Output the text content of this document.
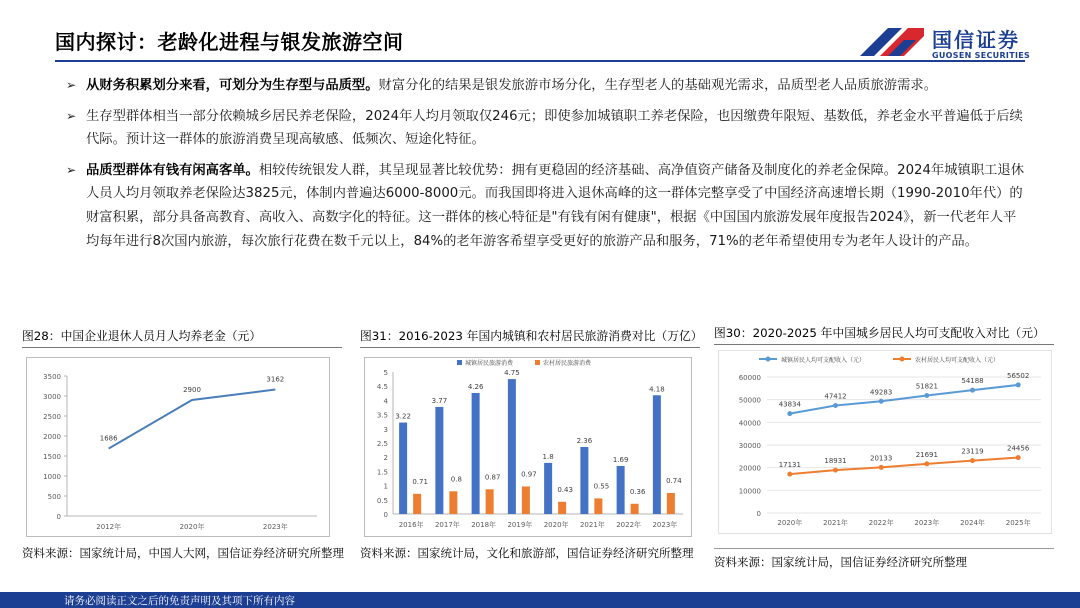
国内探讨：老龄化进程与银发旅游空间	国信证券
GUOSEN SECURITIES
➢ 从财务积累划分来看，可划分为生存型与品质型。财富分化的结果是银发旅游市场分化，生存型老人的基础观光需求，品质型老人品质旅游需求。
➢ 生存型群体相当一部分依赖城乡居民养老保险，2024年人均月领取仅246元；即使参加城镇职工养老保险，也因缴费年限短、基数低，养老金水平普遍低于后续代际。预计这一群体的旅游消费呈现高敏感、低频次、短途化特征。
➢ 品质型群体有钱有闲高客单。相较传统银发人群，其呈现显著比较优势：拥有更稳固的经济基础、高净值资产储备及制度化的养老金保障。2024年城镇职工退休人员人均月领取养老保险达3825元，体制内普遍达6000-8000元。而我国即将进入退休高峰的这一群体完整享受了中国经济高速增长期（1990-2010年代）的财富积累，部分具备高教育、高收入、高数字化的特征。这一群体的核心特征是"有钱有闲有健康"，根据《中国国内旅游发展年度报告2024》，新一代老年人平均每年进行8次国内旅游，每次旅行花费在数千元以上，84%的老年游客希望享受更好的旅游产品和服务，71%的老年希望使用专为老年人设计的产品。
图28：中国企业退休人员月人均养老金（元）
0
500
1000
1500
2000
2500
3000
3500
1686
2900
3162
2012年	2020年	2023年
资料来源：国家统计局，中国人大网，国信证券经济研究所整理
图31：2016-2023 年国内城镇和农村居民旅游消费对比（万亿）
0
0.5
1
1.5
2
2.5
3
3.5
4
4.5
5
城镇居民旅游消费	农村居民旅游消费
3.22
0.71
2016年
3.77
0.8
2017年
4.26
0.87
2018年
4.75
0.97
2019年
1.8
0.43
2020年
2.36
0.55
2021年
1.69
0.36
2022年
4.18
0.74
2023年
资料来源：国家统计局，文化和旅游部，国信证券经济研究所整理
图30：2020-2025 年中国城乡居民人均可支配收入对比（元）
0
10000
20000
30000
40000
50000
60000
城镇居民人均可支配收入（元）	农村居民人均可支配收入（元）
43834
47412
49283
51821
54188
56502
17131
18931	20133	21691	23119	24456
2020年	2021年	2022年	2023年	2024年	2025年
资料来源：国家统计局，国信证券经济研究所整理
请务必阅读正文之后的免责声明及其项下所有内容
